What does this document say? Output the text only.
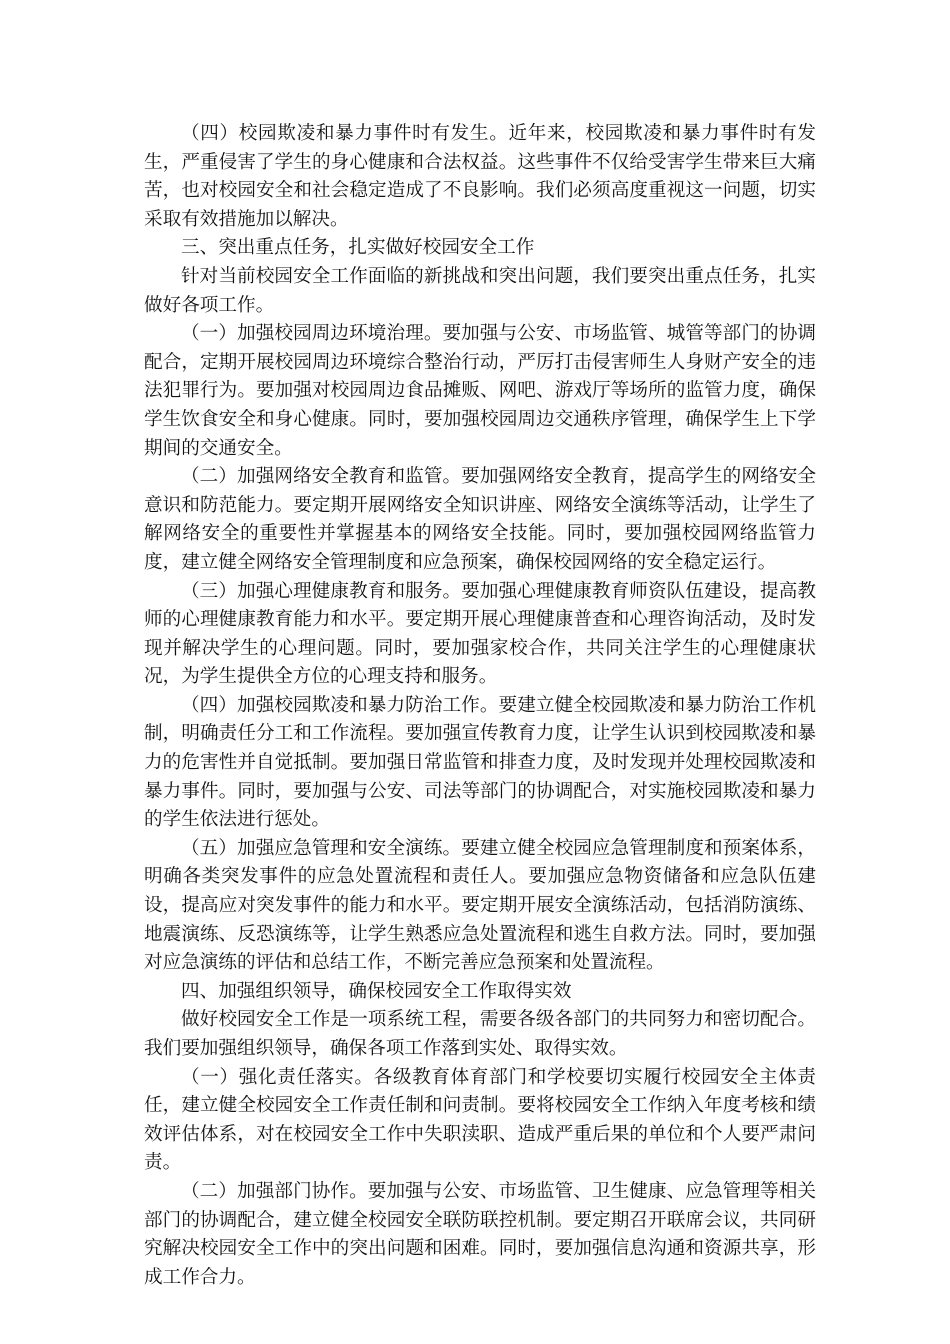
（四）校园欺凌和暴力事件时有发生。近年来，校园欺凌和暴力事件时有发生，严重侵害了学生的身心健康和合法权益。这些事件不仅给受害学生带来巨大痛苦，也对校园安全和社会稳定造成了不良影响。我们必须高度重视这一问题，切实采取有效措施加以解决。

三、突出重点任务，扎实做好校园安全工作

针对当前校园安全工作面临的新挑战和突出问题，我们要突出重点任务，扎实做好各项工作。

（一）加强校园周边环境治理。要加强与公安、市场监管、城管等部门的协调配合，定期开展校园周边环境综合整治行动，严厉打击侵害师生人身财产安全的违法犯罪行为。要加强对校园周边食品摊贩、网吧、游戏厅等场所的监管力度，确保学生饮食安全和身心健康。同时，要加强校园周边交通秩序管理，确保学生上下学期间的交通安全。

（二）加强网络安全教育和监管。要加强网络安全教育，提高学生的网络安全意识和防范能力。要定期开展网络安全知识讲座、网络安全演练等活动，让学生了解网络安全的重要性并掌握基本的网络安全技能。同时，要加强校园网络监管力度，建立健全网络安全管理制度和应急预案，确保校园网络的安全稳定运行。

（三）加强心理健康教育和服务。要加强心理健康教育师资队伍建设，提高教师的心理健康教育能力和水平。要定期开展心理健康普查和心理咨询活动，及时发现并解决学生的心理问题。同时，要加强家校合作，共同关注学生的心理健康状况，为学生提供全方位的心理支持和服务。

（四）加强校园欺凌和暴力防治工作。要建立健全校园欺凌和暴力防治工作机制，明确责任分工和工作流程。要加强宣传教育力度，让学生认识到校园欺凌和暴力的危害性并自觉抵制。要加强日常监管和排查力度，及时发现并处理校园欺凌和暴力事件。同时，要加强与公安、司法等部门的协调配合，对实施校园欺凌和暴力的学生依法进行惩处。

（五）加强应急管理和安全演练。要建立健全校园应急管理制度和预案体系，明确各类突发事件的应急处置流程和责任人。要加强应急物资储备和应急队伍建设，提高应对突发事件的能力和水平。要定期开展安全演练活动，包括消防演练、地震演练、反恐演练等，让学生熟悉应急处置流程和逃生自救方法。同时，要加强对应急演练的评估和总结工作，不断完善应急预案和处置流程。

四、加强组织领导，确保校园安全工作取得实效

做好校园安全工作是一项系统工程，需要各级各部门的共同努力和密切配合。我们要加强组织领导，确保各项工作落到实处、取得实效。

（一）强化责任落实。各级教育体育部门和学校要切实履行校园安全主体责任，建立健全校园安全工作责任制和问责制。要将校园安全工作纳入年度考核和绩效评估体系，对在校园安全工作中失职渎职、造成严重后果的单位和个人要严肃问责。

（二）加强部门协作。要加强与公安、市场监管、卫生健康、应急管理等相关部门的协调配合，建立健全校园安全联防联控机制。要定期召开联席会议，共同研究解决校园安全工作中的突出问题和困难。同时，要加强信息沟通和资源共享，形成工作合力。
